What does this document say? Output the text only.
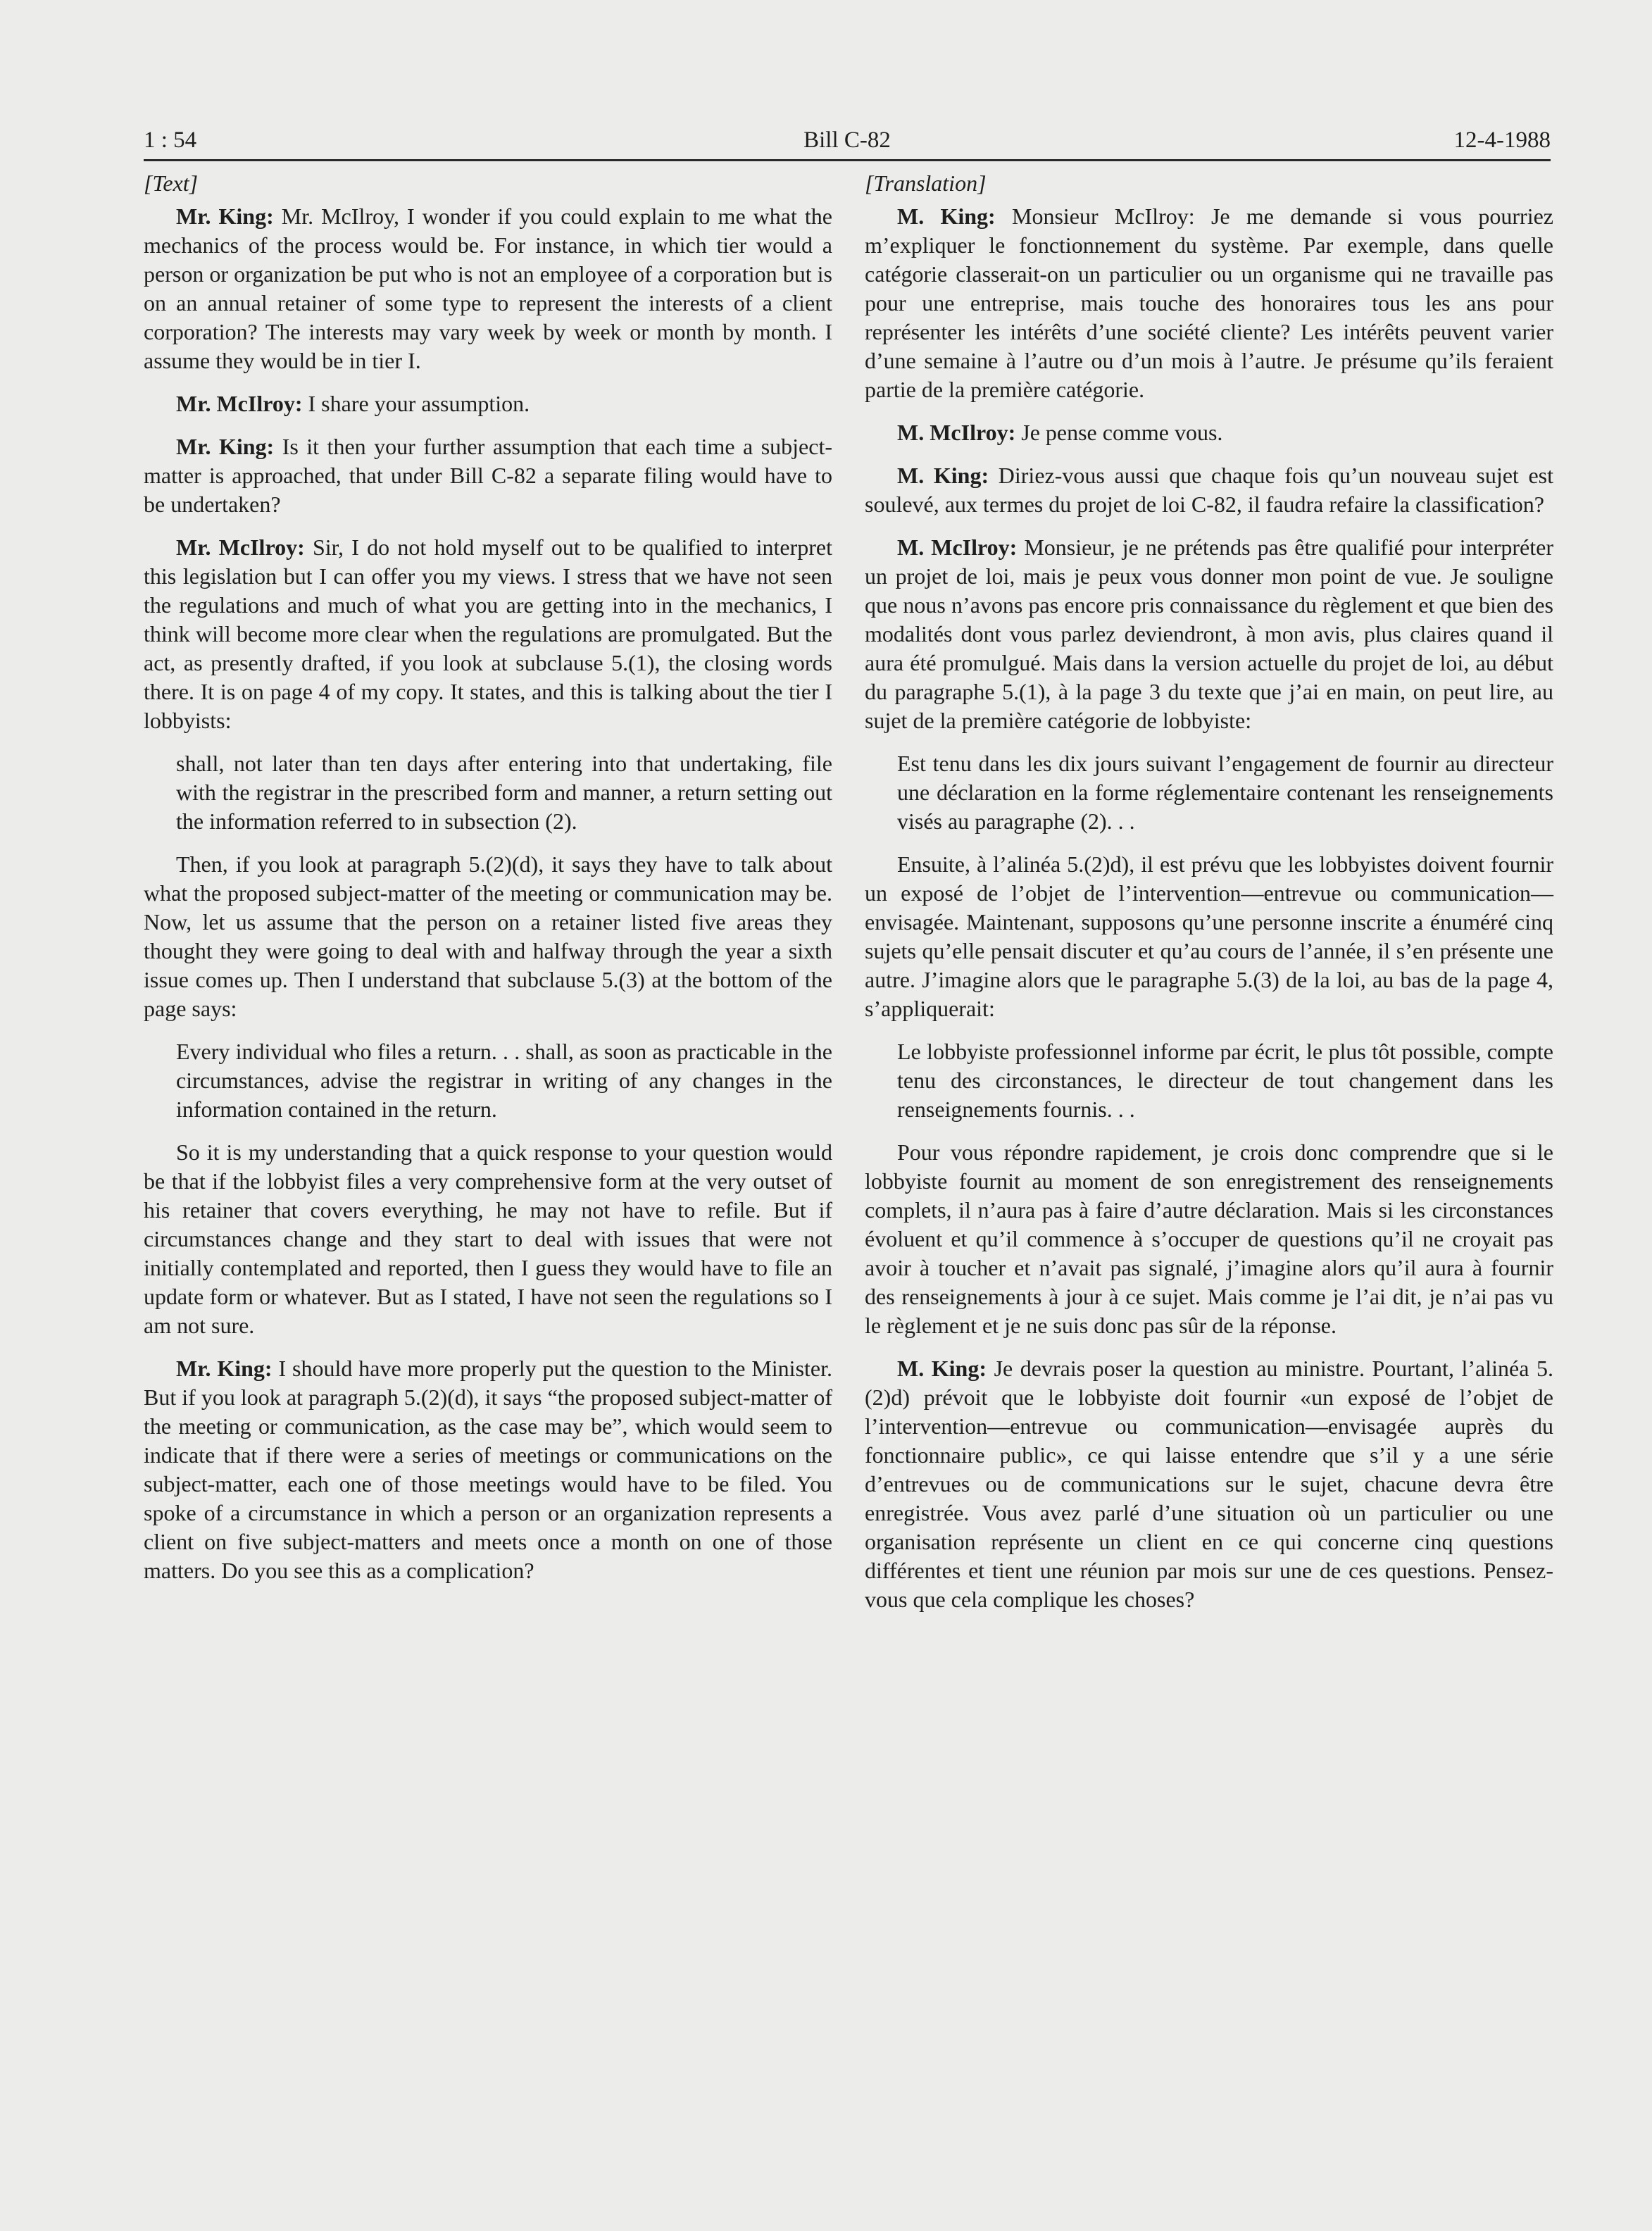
1 : 54	Bill C-82	12-4-1988

[Text]

Mr. King: Mr. McIlroy, I wonder if you could explain to me what the mechanics of the process would be. For instance, in which tier would a person or organization be put who is not an employee of a corporation but is on an annual retainer of some type to represent the interests of a client corporation? The interests may vary week by week or month by month. I assume they would be in tier I.

Mr. McIlroy: I share your assumption.

Mr. King: Is it then your further assumption that each time a subject-matter is approached, that under Bill C-82 a separate filing would have to be undertaken?

Mr. McIlroy: Sir, I do not hold myself out to be qualified to interpret this legislation but I can offer you my views. I stress that we have not seen the regulations and much of what you are getting into in the mechanics, I think will become more clear when the regulations are promulgated. But the act, as presently drafted, if you look at subclause 5.(1), the closing words there. It is on page 4 of my copy. It states, and this is talking about the tier I lobbyists:

shall, not later than ten days after entering into that undertaking, file with the registrar in the prescribed form and manner, a return setting out the information referred to in subsection (2).

Then, if you look at paragraph 5.(2)(d), it says they have to talk about what the proposed subject-matter of the meeting or communication may be. Now, let us assume that the person on a retainer listed five areas they thought they were going to deal with and halfway through the year a sixth issue comes up. Then I understand that subclause 5.(3) at the bottom of the page says:

Every individual who files a return. . . shall, as soon as practicable in the circumstances, advise the registrar in writing of any changes in the information contained in the return.

So it is my understanding that a quick response to your question would be that if the lobbyist files a very comprehensive form at the very outset of his retainer that covers everything, he may not have to refile. But if circumstances change and they start to deal with issues that were not initially contemplated and reported, then I guess they would have to file an update form or whatever. But as I stated, I have not seen the regulations so I am not sure.

Mr. King: I should have more properly put the question to the Minister. But if you look at paragraph 5.(2)(d), it says “the proposed subject-matter of the meeting or communication, as the case may be”, which would seem to indicate that if there were a series of meetings or communications on the subject-matter, each one of those meetings would have to be filed. You spoke of a circumstance in which a person or an organization represents a client on five subject-matters and meets once a month on one of those matters. Do you see this as a complication?

[Translation]

M. King: Monsieur McIlroy: Je me demande si vous pourriez m’expliquer le fonctionnement du système. Par exemple, dans quelle catégorie classerait-on un particulier ou un organisme qui ne travaille pas pour une entreprise, mais touche des honoraires tous les ans pour représenter les intérêts d’une société cliente? Les intérêts peuvent varier d’une semaine à l’autre ou d’un mois à l’autre. Je présume qu’ils feraient partie de la première catégorie.

M. McIlroy: Je pense comme vous.

M. King: Diriez-vous aussi que chaque fois qu’un nouveau sujet est soulevé, aux termes du projet de loi C-82, il faudra refaire la classification?

M. McIlroy: Monsieur, je ne prétends pas être qualifié pour interpréter un projet de loi, mais je peux vous donner mon point de vue. Je souligne que nous n’avons pas encore pris connaissance du règlement et que bien des modalités dont vous parlez deviendront, à mon avis, plus claires quand il aura été promulgué. Mais dans la version actuelle du projet de loi, au début du paragraphe 5.(1), à la page 3 du texte que j’ai en main, on peut lire, au sujet de la première catégorie de lobbyiste:

Est tenu dans les dix jours suivant l’engagement de fournir au directeur une déclaration en la forme réglementaire contenant les renseignements visés au paragraphe (2). . .

Ensuite, à l’alinéa 5.(2)d), il est prévu que les lobbyistes doivent fournir un exposé de l’objet de l’intervention—entrevue ou communication—envisagée. Maintenant, supposons qu’une personne inscrite a énuméré cinq sujets qu’elle pensait discuter et qu’au cours de l’année, il s’en présente une autre. J’imagine alors que le paragraphe 5.(3) de la loi, au bas de la page 4, s’appliquerait:

Le lobbyiste professionnel informe par écrit, le plus tôt possible, compte tenu des circonstances, le directeur de tout changement dans les renseignements fournis. . .

Pour vous répondre rapidement, je crois donc comprendre que si le lobbyiste fournit au moment de son enregistrement des renseignements complets, il n’aura pas à faire d’autre déclaration. Mais si les circonstances évoluent et qu’il commence à s’occuper de questions qu’il ne croyait pas avoir à toucher et n’avait pas signalé, j’imagine alors qu’il aura à fournir des renseignements à jour à ce sujet. Mais comme je l’ai dit, je n’ai pas vu le règlement et je ne suis donc pas sûr de la réponse.

M. King: Je devrais poser la question au ministre. Pourtant, l’alinéa 5.(2)d) prévoit que le lobbyiste doit fournir «un exposé de l’objet de l’intervention—entrevue ou communication—envisagée auprès du fonctionnaire public», ce qui laisse entendre que s’il y a une série d’entrevues ou de communications sur le sujet, chacune devra être enregistrée. Vous avez parlé d’une situation où un particulier ou une organisation représente un client en ce qui concerne cinq questions différentes et tient une réunion par mois sur une de ces questions. Pensez-vous que cela complique les choses?
